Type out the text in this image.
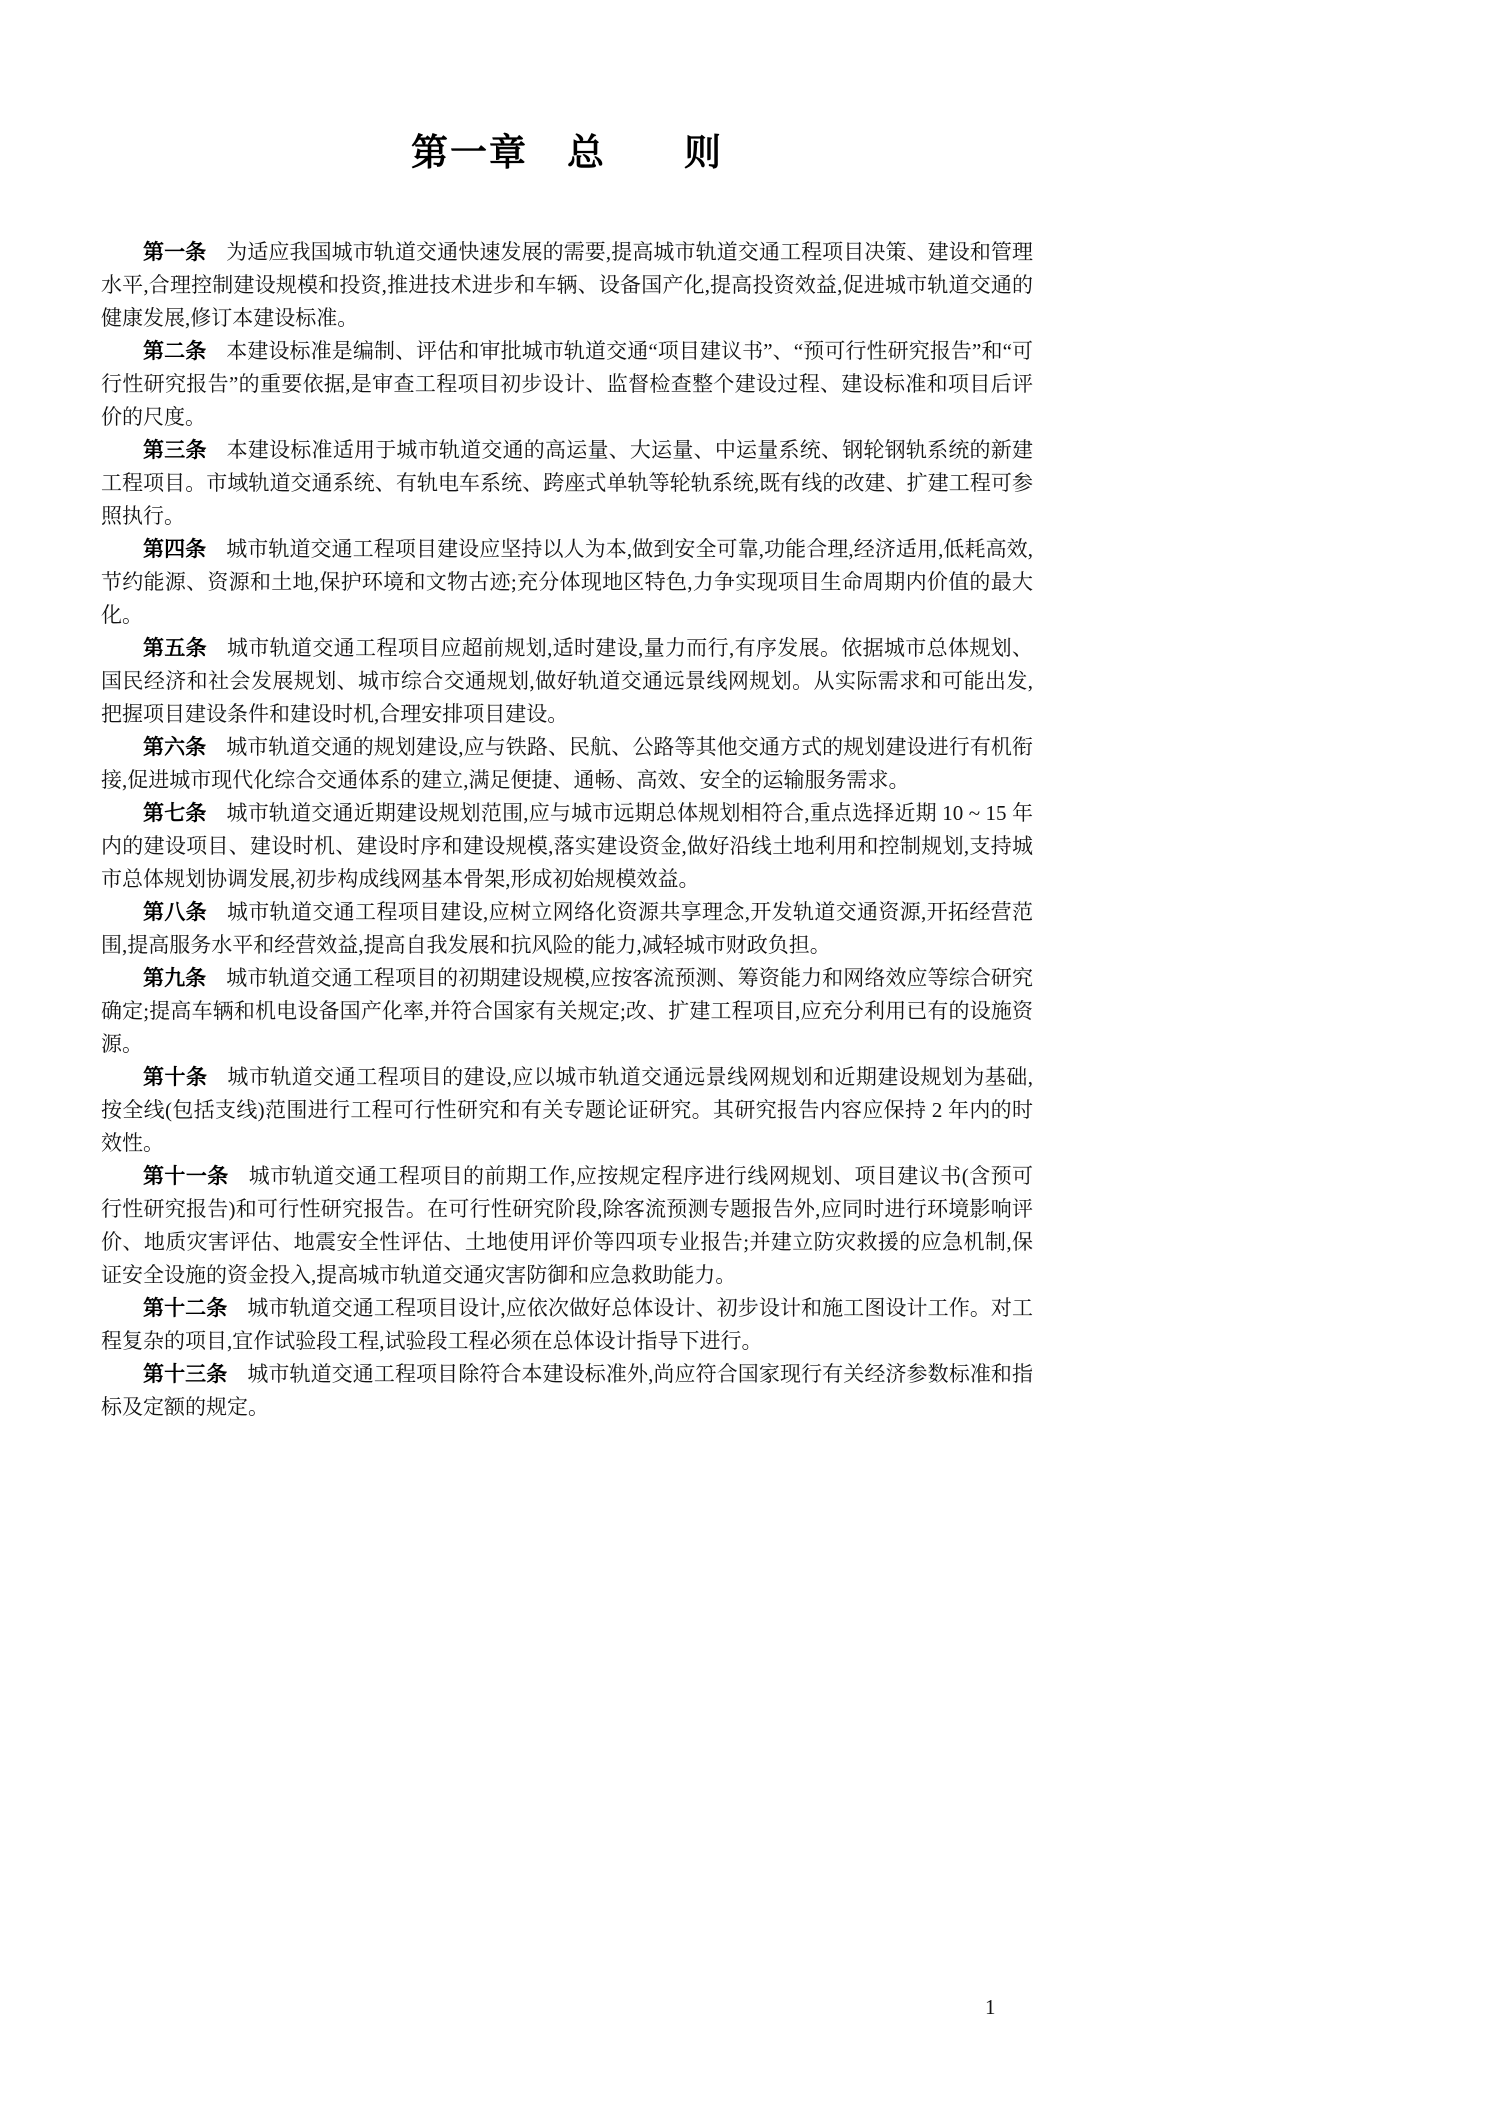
第一章　总　　则

第一条 为适应我国城市轨道交通快速发展的需要,提高城市轨道交通工程项目决策、建设和管理水平,合理控制建设规模和投资,推进技术进步和车辆、设备国产化,提高投资效益,促进城市轨道交通的健康发展,修订本建设标准。

第二条 本建设标准是编制、评估和审批城市轨道交通“项目建议书”、“预可行性研究报告”和“可行性研究报告”的重要依据,是审查工程项目初步设计、监督检查整个建设过程、建设标准和项目后评价的尺度。

第三条 本建设标准适用于城市轨道交通的高运量、大运量、中运量系统、钢轮钢轨系统的新建工程项目。市域轨道交通系统、有轨电车系统、跨座式单轨等轮轨系统,既有线的改建、扩建工程可参照执行。

第四条 城市轨道交通工程项目建设应坚持以人为本,做到安全可靠,功能合理,经济适用,低耗高效,节约能源、资源和土地,保护环境和文物古迹;充分体现地区特色,力争实现项目生命周期内价值的最大化。

第五条 城市轨道交通工程项目应超前规划,适时建设,量力而行,有序发展。依据城市总体规划、国民经济和社会发展规划、城市综合交通规划,做好轨道交通远景线网规划。从实际需求和可能出发,把握项目建设条件和建设时机,合理安排项目建设。

第六条 城市轨道交通的规划建设,应与铁路、民航、公路等其他交通方式的规划建设进行有机衔接,促进城市现代化综合交通体系的建立,满足便捷、通畅、高效、安全的运输服务需求。

第七条 城市轨道交通近期建设规划范围,应与城市远期总体规划相符合,重点选择近期 10 ~ 15 年内的建设项目、建设时机、建设时序和建设规模,落实建设资金,做好沿线土地利用和控制规划,支持城市总体规划协调发展,初步构成线网基本骨架,形成初始规模效益。

第八条 城市轨道交通工程项目建设,应树立网络化资源共享理念,开发轨道交通资源,开拓经营范围,提高服务水平和经营效益,提高自我发展和抗风险的能力,减轻城市财政负担。

第九条 城市轨道交通工程项目的初期建设规模,应按客流预测、筹资能力和网络效应等综合研究确定;提高车辆和机电设备国产化率,并符合国家有关规定;改、扩建工程项目,应充分利用已有的设施资源。

第十条 城市轨道交通工程项目的建设,应以城市轨道交通远景线网规划和近期建设规划为基础,按全线(包括支线)范围进行工程可行性研究和有关专题论证研究。其研究报告内容应保持 2 年内的时效性。

第十一条 城市轨道交通工程项目的前期工作,应按规定程序进行线网规划、项目建议书(含预可行性研究报告)和可行性研究报告。在可行性研究阶段,除客流预测专题报告外,应同时进行环境影响评价、地质灾害评估、地震安全性评估、土地使用评价等四项专业报告;并建立防灾救援的应急机制,保证安全设施的资金投入,提高城市轨道交通灾害防御和应急救助能力。

第十二条 城市轨道交通工程项目设计,应依次做好总体设计、初步设计和施工图设计工作。对工程复杂的项目,宜作试验段工程,试验段工程必须在总体设计指导下进行。

第十三条 城市轨道交通工程项目除符合本建设标准外,尚应符合国家现行有关经济参数标准和指标及定额的规定。

1
